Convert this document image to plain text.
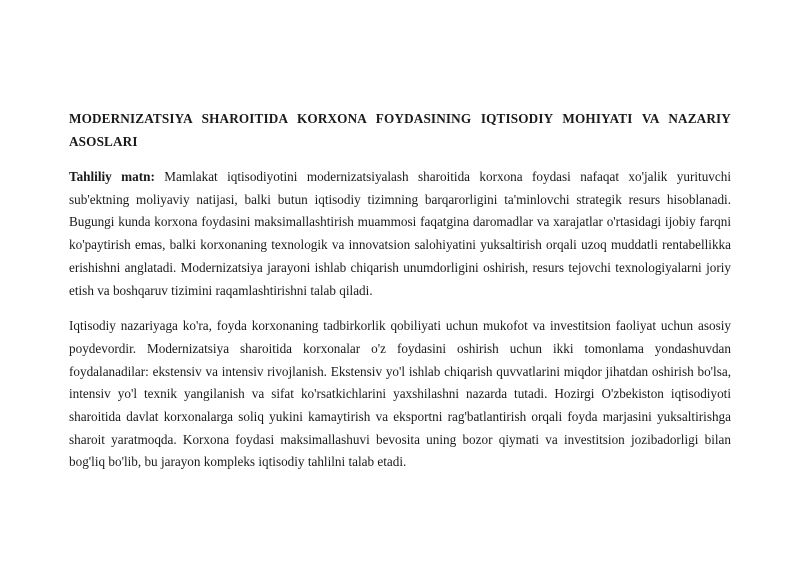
MODERNIZATSIYA SHAROITIDA KORXONA FOYDASINING IQTISODIY MOHIYATI VA NAZARIY ASOSLARI

Tahliliy matn: Mamlakat iqtisodiyotini modernizatsiyalash sharoitida korxona foydasi nafaqat xo'jalik yurituvchi sub'ektning moliyaviy natijasi, balki butun iqtisodiy tizimning barqarorligini ta'minlovchi strategik resurs hisoblanadi. Bugungi kunda korxona foydasini maksimallashtirish muammosi faqatgina daromadlar va xarajatlar o'rtasidagi ijobiy farqni ko'paytirish emas, balki korxonaning texnologik va innovatsion salohiyatini yuksaltirish orqali uzoq muddatli rentabellikka erishishni anglatadi. Modernizatsiya jarayoni ishlab chiqarish unumdorligini oshirish, resurs tejovchi texnologiyalarni joriy etish va boshqaruv tizimini raqamlashtirishni talab qiladi.

Iqtisodiy nazariyaga ko'ra, foyda korxonaning tadbirkorlik qobiliyati uchun mukofot va investitsion faoliyat uchun asosiy poydevordir. Modernizatsiya sharoitida korxonalar o'z foydasini oshirish uchun ikki tomonlama yondashuvdan foydalanadilar: ekstensiv va intensiv rivojlanish. Ekstensiv yo'l ishlab chiqarish quvvatlarini miqdor jihatdan oshirish bo'lsa, intensiv yo'l texnik yangilanish va sifat ko'rsatkichlarini yaxshilashni nazarda tutadi. Hozirgi O'zbekiston iqtisodiyoti sharoitida davlat korxonalarga soliq yukini kamaytirish va eksportni rag'batlantirish orqali foyda marjasini yuksaltirishga sharoit yaratmoqda. Korxona foydasi maksimallashuvi bevosita uning bozor qiymati va investitsion jozibadorligi bilan bog'liq bo'lib, bu jarayon kompleks iqtisodiy tahlilni talab etadi.
